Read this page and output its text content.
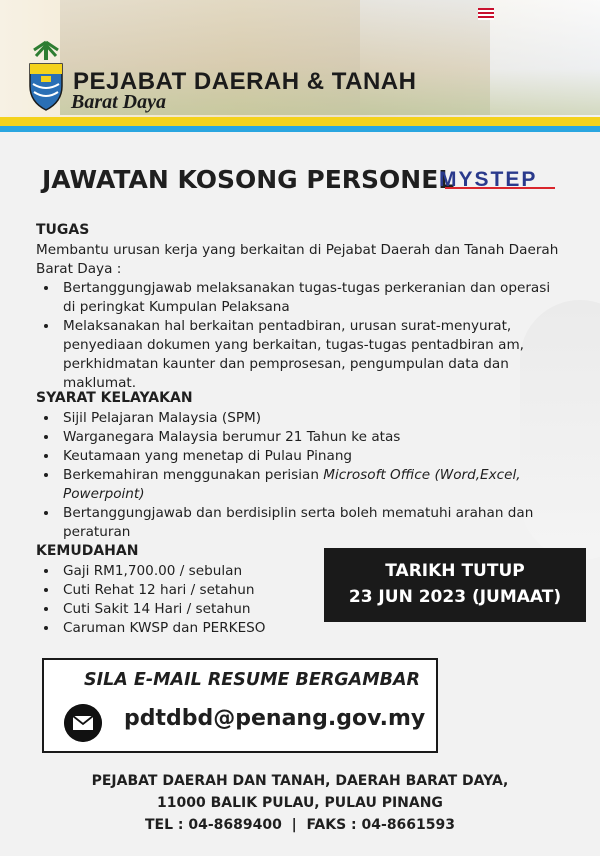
PEJABAT DAERAH & TANAH
Barat Daya
JAWATAN KOSONG PERSONEL
MYSTEP
TUGAS
Membantu urusan kerja yang berkaitan di Pejabat Daerah dan Tanah Daerah Barat Daya :
• Bertanggungjawab melaksanakan tugas-tugas perkeranian dan operasi di peringkat Kumpulan Pelaksana
• Melaksanakan hal berkaitan pentadbiran, urusan surat-menyurat, penyediaan dokumen yang berkaitan, tugas-tugas pentadbiran am, perkhidmatan kaunter dan pemprosesan, pengumpulan data dan maklumat.
SYARAT KELAYAKAN
• Sijil Pelajaran Malaysia (SPM)
• Warganegara Malaysia berumur 21 Tahun ke atas
• Keutamaan yang menetap di Pulau Pinang
• Berkemahiran menggunakan perisian Microsoft Office (Word,Excel, Powerpoint)
• Bertanggungjawab dan berdisiplin serta boleh mematuhi arahan dan peraturan
KEMUDAHAN
• Gaji RM1,700.00 / sebulan
• Cuti Rehat 12 hari / setahun
• Cuti Sakit 14 Hari / setahun
• Caruman KWSP dan PERKESO
TARIKH TUTUP
23 JUN 2023 (JUMAAT)
SILA E-MAIL RESUME BERGAMBAR
pdtdbd@penang.gov.my
PEJABAT DAERAH DAN TANAH, DAERAH BARAT DAYA,
11000 BALIK PULAU, PULAU PINANG
TEL : 04-8689400  |  FAKS : 04-8661593
